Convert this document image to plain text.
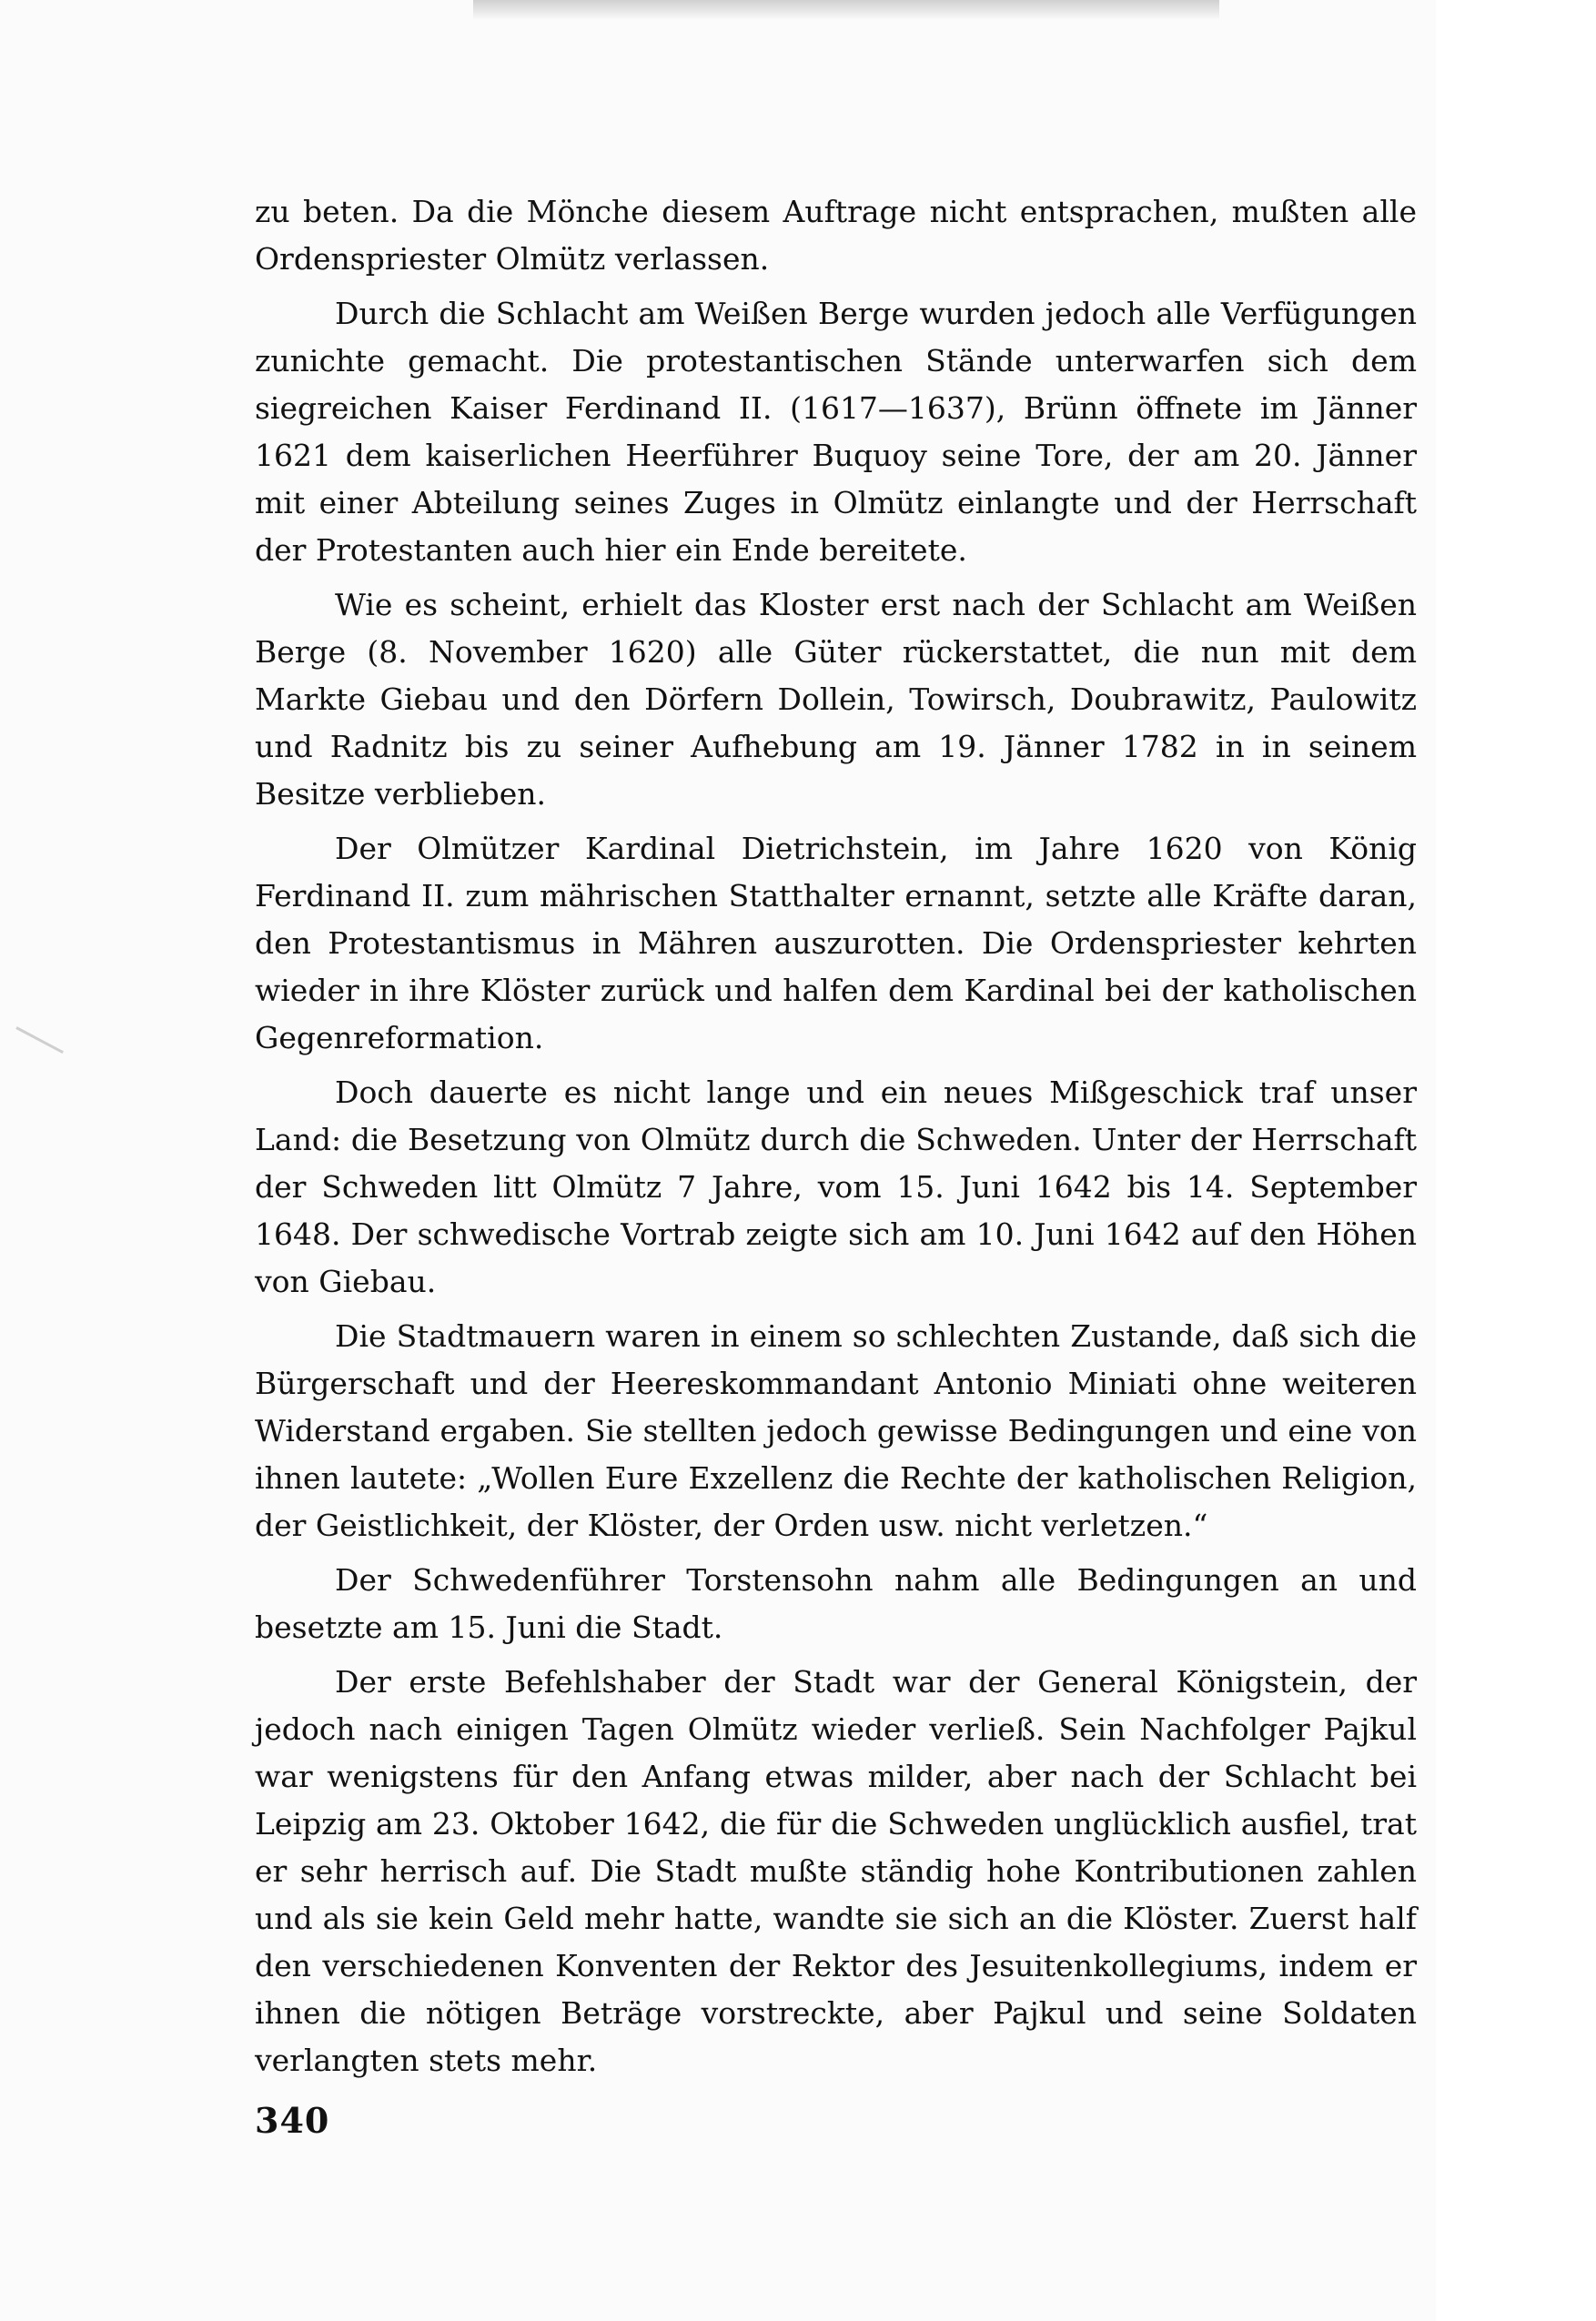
zu beten. Da die Mönche diesem Auftrage nicht entsprachen, mußten alle Ordenspriester Olmütz verlassen.

Durch die Schlacht am Weißen Berge wurden jedoch alle Verfügungen zunichte gemacht. Die protestantischen Stände unterwarfen sich dem siegreichen Kaiser Ferdinand II. (1617—1637), Brünn öffnete im Jänner 1621 dem kaiserlichen Heerführer Buquoy seine Tore, der am 20. Jänner mit einer Abteilung seines Zuges in Olmütz einlangte und der Herrschaft der Protestanten auch hier ein Ende bereitete.

Wie es scheint, erhielt das Kloster erst nach der Schlacht am Weißen Berge (8. November 1620) alle Güter rückerstattet, die nun mit dem Markte Giebau und den Dörfern Dollein, Towirsch, Doubrawitz, Paulowitz und Radnitz bis zu seiner Aufhebung am 19. Jänner 1782 in in seinem Besitze verblieben.

Der Olmützer Kardinal Dietrichstein, im Jahre 1620 von König Ferdinand II. zum mährischen Statthalter ernannt, setzte alle Kräfte daran, den Protestantismus in Mähren auszurotten. Die Ordenspriester kehrten wieder in ihre Klöster zurück und halfen dem Kardinal bei der katholischen Gegenreformation.

Doch dauerte es nicht lange und ein neues Mißgeschick traf unser Land: die Besetzung von Olmütz durch die Schweden. Unter der Herrschaft der Schweden litt Olmütz 7 Jahre, vom 15. Juni 1642 bis 14. September 1648. Der schwedische Vortrab zeigte sich am 10. Juni 1642 auf den Höhen von Giebau.

Die Stadtmauern waren in einem so schlechten Zustande, daß sich die Bürgerschaft und der Heereskommandant Antonio Miniati ohne weiteren Widerstand ergaben. Sie stellten jedoch gewisse Bedingungen und eine von ihnen lautete: „Wollen Eure Exzellenz die Rechte der katholischen Religion, der Geistlichkeit, der Klöster, der Orden usw. nicht verletzen.“

Der Schwedenführer Torstensohn nahm alle Bedingungen an und besetzte am 15. Juni die Stadt.

Der erste Befehlshaber der Stadt war der General Königstein, der jedoch nach einigen Tagen Olmütz wieder verließ. Sein Nachfolger Pajkul war wenigstens für den Anfang etwas milder, aber nach der Schlacht bei Leipzig am 23. Oktober 1642, die für die Schweden unglücklich ausfiel, trat er sehr herrisch auf. Die Stadt mußte ständig hohe Kontributionen zahlen und als sie kein Geld mehr hatte, wandte sie sich an die Klöster. Zuerst half den verschiedenen Konventen der Rektor des Jesuitenkollegiums, indem er ihnen die nötigen Beträge vorstreckte, aber Pajkul und seine Soldaten verlangten stets mehr.

340
